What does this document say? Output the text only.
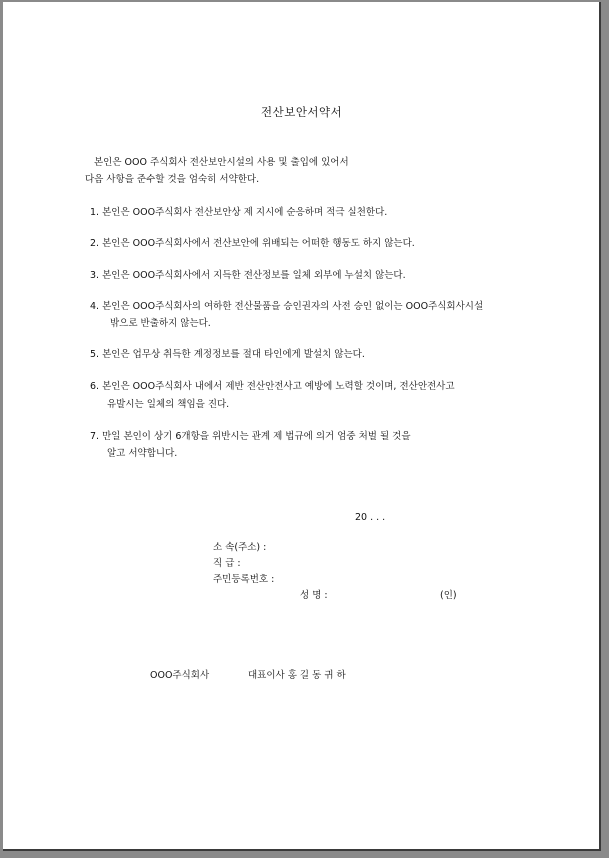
전산보안서약서
본인은 OOO 주식회사 전산보안시설의 사용 및 출입에 있어서
다음 사항을 준수할 것을 엄숙히 서약한다.
1. 본인은 OOO주식회사 전산보안상 제 지시에 순응하며 적극 실천한다.
2. 본인은 OOO주식회사에서 전산보안에 위배되는 어떠한 행동도 하지 않는다.
3. 본인은 OOO주식회사에서 지득한 전산정보를 일체 외부에 누설치 않는다.
4. 본인은 OOO주식회사의 여하한 전산물품을 승인권자의 사전 승인 없이는 OOO주식회사시설
밖으로 반출하지 않는다.
5. 본인은 업무상 취득한 계정정보를 절대 타인에게 발설치 않는다.
6. 본인은 OOO주식회사 내에서 제반 전산안전사고 예방에 노력할 것이며, 전산안전사고
유발시는 일체의 책임을 진다.
7. 만일 본인이 상기 6개항을 위반시는 관계 제 법규에 의거 엄중 처벌 될 것을
알고 서약합니다.
20 . . .
소 속(주소) :
직 급 :
주민등록번호 :
성 명 :	(인)
OOO주식회사	대표이사 홍 길 동 귀 하
